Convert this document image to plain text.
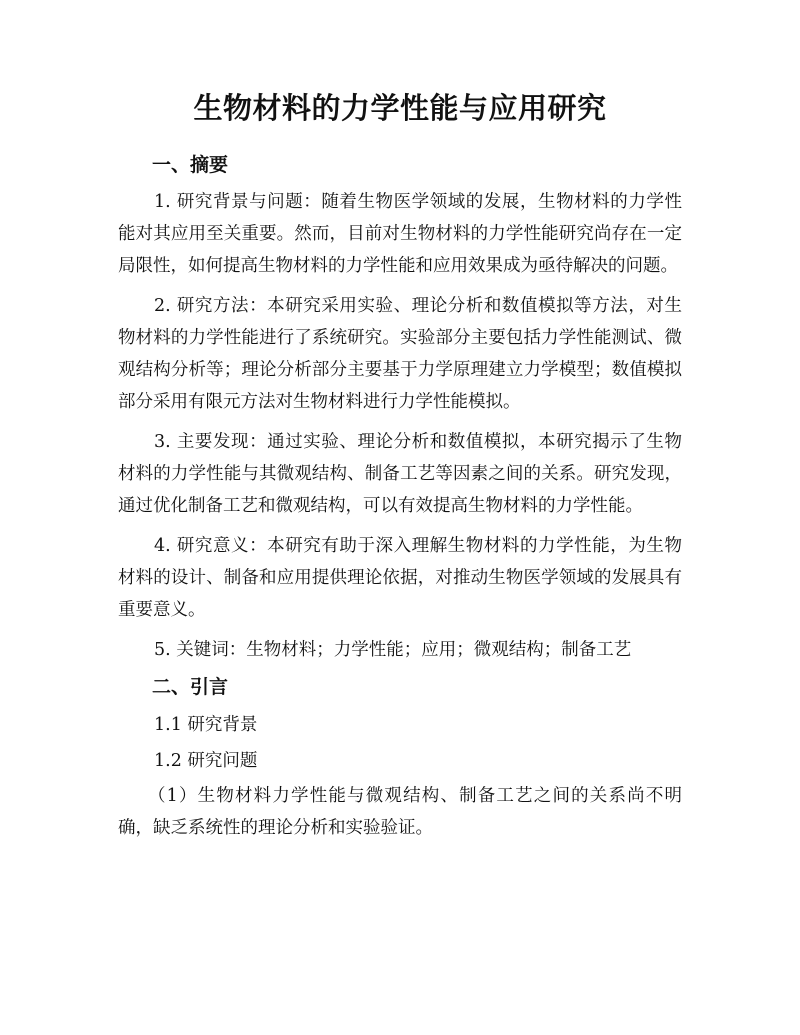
生物材料的力学性能与应用研究
一、摘要

1. 研究背景与问题：随着生物医学领域的发展，生物材料的力学性能对其应用至关重要。然而，目前对生物材料的力学性能研究尚存在一定局限性，如何提高生物材料的力学性能和应用效果成为亟待解决的问题。

2. 研究方法：本研究采用实验、理论分析和数值模拟等方法，对生物材料的力学性能进行了系统研究。实验部分主要包括力学性能测试、微观结构分析等；理论分析部分主要基于力学原理建立力学模型；数值模拟部分采用有限元方法对生物材料进行力学性能模拟。

3. 主要发现：通过实验、理论分析和数值模拟，本研究揭示了生物材料的力学性能与其微观结构、制备工艺等因素之间的关系。研究发现，通过优化制备工艺和微观结构，可以有效提高生物材料的力学性能。

4. 研究意义：本研究有助于深入理解生物材料的力学性能，为生物材料的设计、制备和应用提供理论依据，对推动生物医学领域的发展具有重要意义。

5. 关键词：生物材料；力学性能；应用；微观结构；制备工艺

二、引言
1.1 研究背景
1.2 研究问题

（1）生物材料力学性能与微观结构、制备工艺之间的关系尚不明确，缺乏系统性的理论分析和实验验证。
